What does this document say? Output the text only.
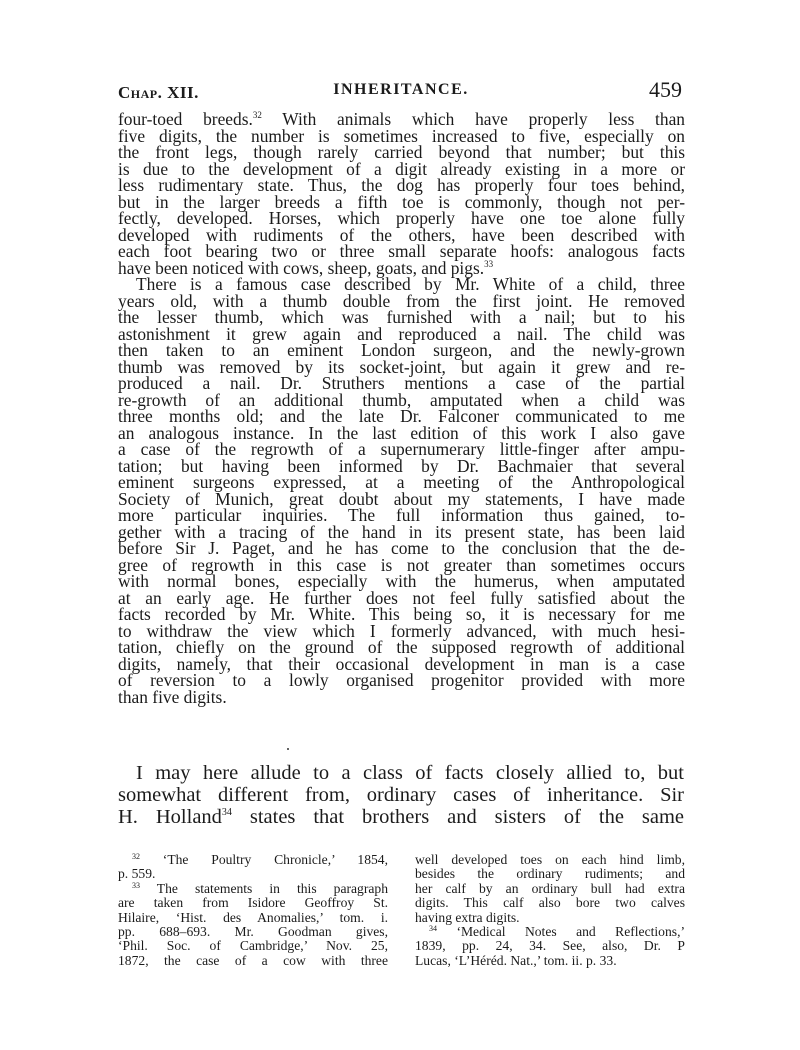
Chap. XII.	INHERITANCE.	459
four-toed breeds.$^{32}$ With animals which have properly less than
five digits, the number is sometimes increased to five, especially on
the front legs, though rarely carried beyond that number; but this
is due to the development of a digit already existing in a more or
less rudimentary state. Thus, the dog has properly four toes behind,
but in the larger breeds a fifth toe is commonly, though not per-
fectly, developed. Horses, which properly have one toe alone fully
developed with rudiments of the others, have been described with
each foot bearing two or three small separate hoofs: analogous facts
have been noticed with cows, sheep, goats, and pigs.$^{33}$
There is a famous case described by Mr. White of a child, three
years old, with a thumb double from the first joint. He removed
the lesser thumb, which was furnished with a nail; but to his
astonishment it grew again and reproduced a nail. The child was
then taken to an eminent London surgeon, and the newly-grown
thumb was removed by its socket-joint, but again it grew and re-
produced a nail. Dr. Struthers mentions a case of the partial
re-growth of an additional thumb, amputated when a child was
three months old; and the late Dr. Falconer communicated to me
an analogous instance. In the last edition of this work I also gave
a case of the regrowth of a supernumerary little-finger after ampu-
tation; but having been informed by Dr. Bachmaier that several
eminent surgeons expressed, at a meeting of the Anthropological
Society of Munich, great doubt about my statements, I have made
more particular inquiries. The full information thus gained, to-
gether with a tracing of the hand in its present state, has been laid
before Sir J. Paget, and he has come to the conclusion that the de-
gree of regrowth in this case is not greater than sometimes occurs
with normal bones, especially with the humerus, when amputated
at an early age. He further does not feel fully satisfied about the
facts recorded by Mr. White. This being so, it is necessary for me
to withdraw the view which I formerly advanced, with much hesi-
tation, chiefly on the ground of the supposed regrowth of additional
digits, namely, that their occasional development in man is a case
of reversion to a lowly organised progenitor provided with more
than five digits.
I may here allude to a class of facts closely allied to, but
somewhat different from, ordinary cases of inheritance. Sir
H. Holland$^{34}$ states that brothers and sisters of the same
$^{32}$ ‘The Poultry Chronicle,’ 1854,
p. 559.
$^{33}$ The statements in this paragraph
are taken from Isidore Geoffroy St.
Hilaire, ‘Hist. des Anomalies,’ tom. i.
pp. 688–693. Mr. Goodman gives,
‘Phil. Soc. of Cambridge,’ Nov. 25,
1872, the case of a cow with three
well developed toes on each hind limb,
besides the ordinary rudiments; and
her calf by an ordinary bull had extra
digits. This calf also bore two calves
having extra digits.
$^{34}$ ‘Medical Notes and Reflections,’
1839, pp. 24, 34. See, also, Dr. P
Lucas, ‘L’Héréd. Nat.,’ tom. ii. p. 33.
